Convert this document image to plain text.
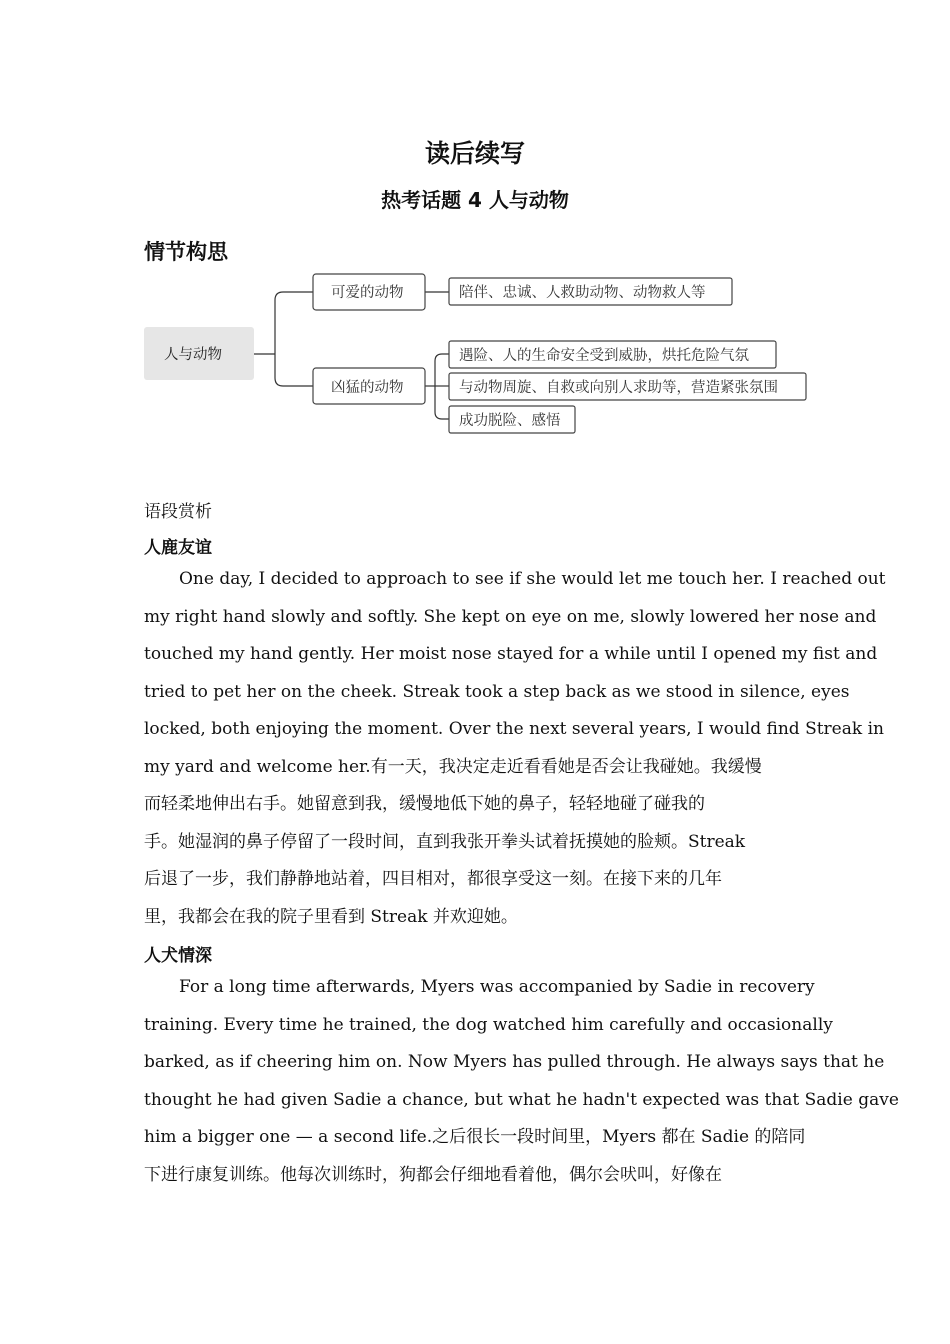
读后续写
热考话题 4 人与动物
情节构思
人与动物
可爱的动物
凶猛的动物
陪伴、忠诚、人救助动物、动物救人等
遇险、人的生命安全受到威胁，烘托危险气氛
与动物周旋、自救或向别人求助等，营造紧张氛围
成功脱险、感悟
语段赏析
人鹿友谊
One day, I decided to approach to see if she would let me touch her. I reached out
my right hand slowly and softly. She kept on eye on me, slowly lowered her nose and
touched my hand gently. Her moist nose stayed for a while until I opened my fist and
tried to pet her on the cheek. Streak took a step back as we stood in silence, eyes
locked, both enjoying the moment. Over the next several years, I would find Streak in
my yard and welcome her.有一天，我决定走近看看她是否会让我碰她。我缓慢
而轻柔地伸出右手。她留意到我，缓慢地低下她的鼻子，轻轻地碰了碰我的
手。她湿润的鼻子停留了一段时间，直到我张开拳头试着抚摸她的脸颊。Streak
后退了一步，我们静静地站着，四目相对，都很享受这一刻。在接下来的几年
里，我都会在我的院子里看到 Streak 并欢迎她。
人犬情深
For a long time afterwards, Myers was accompanied by Sadie in recovery
training. Every time he trained, the dog watched him carefully and occasionally
barked, as if cheering him on. Now Myers has pulled through. He always says that he
thought he had given Sadie a chance, but what he hadn't expected was that Sadie gave
him a bigger one — a second life.之后很长一段时间里，Myers 都在 Sadie 的陪同
下进行康复训练。他每次训练时，狗都会仔细地看着他，偶尔会吠叫，好像在
